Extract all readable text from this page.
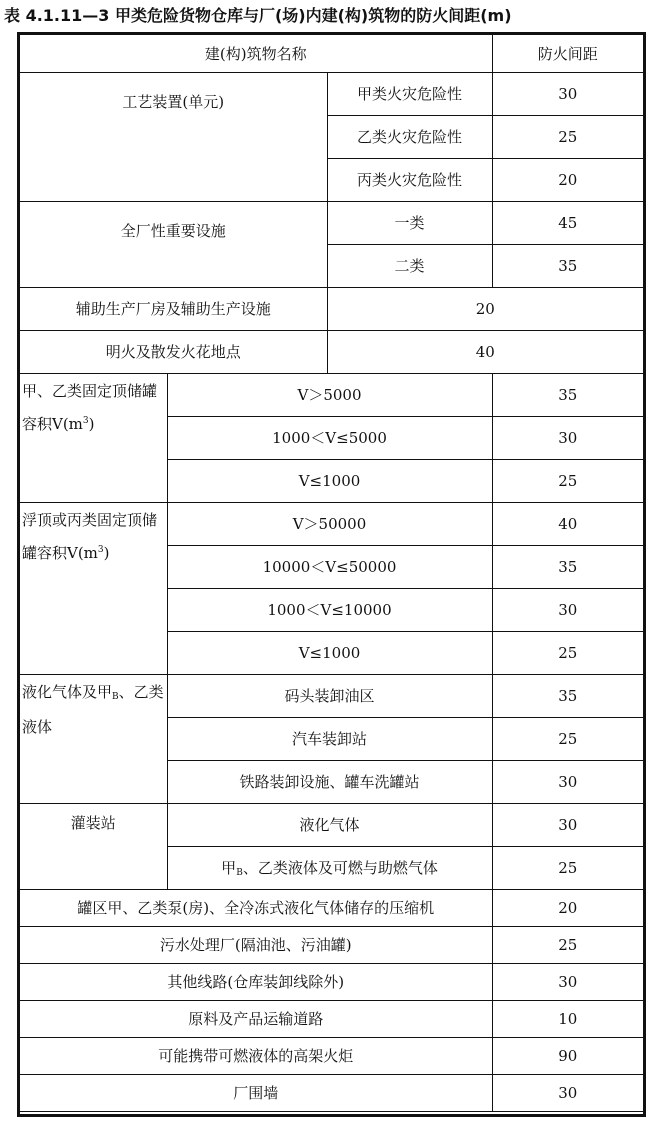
表 4.1.11—3 甲类危险货物仓库与厂(场)内建(构)筑物的防火间距(m)
建(构)筑物名称			防火间距
工艺装置(单元)		甲类火灾危险性	30
		乙类火灾危险性	25
		丙类火灾危险性	20
全厂性重要设施		一类	45
		二类	35
辅助生产厂房及辅助生产设施		20	
明火及散发火花地点		40	
甲、乙类固定顶储罐容积$V(m^3)$	V＞5000		35
	1000＜V≤5000		30
	V≤1000		25
浮顶或丙类固定顶储罐容积$V(m^3)$	V＞50000		40
	10000＜V≤50000		35
	1000＜V≤10000		30
	V≤1000		25
液化气体及甲$_B$、乙类液体	码头装卸油区		35
	汽车装卸站		25
	铁路装卸设施、罐车洗罐站		30
灌装站	液化气体		30
	甲$_B$、乙类液体及可燃与助燃气体		25
罐区甲、乙类泵(房)、全冷冻式液化气体储存的压缩机			20
污水处理厂(隔油池、污油罐)			25
其他线路(仓库装卸线除外)			30
原料及产品运输道路			10
可能携带可燃液体的高架火炬			90
厂围墙			30
